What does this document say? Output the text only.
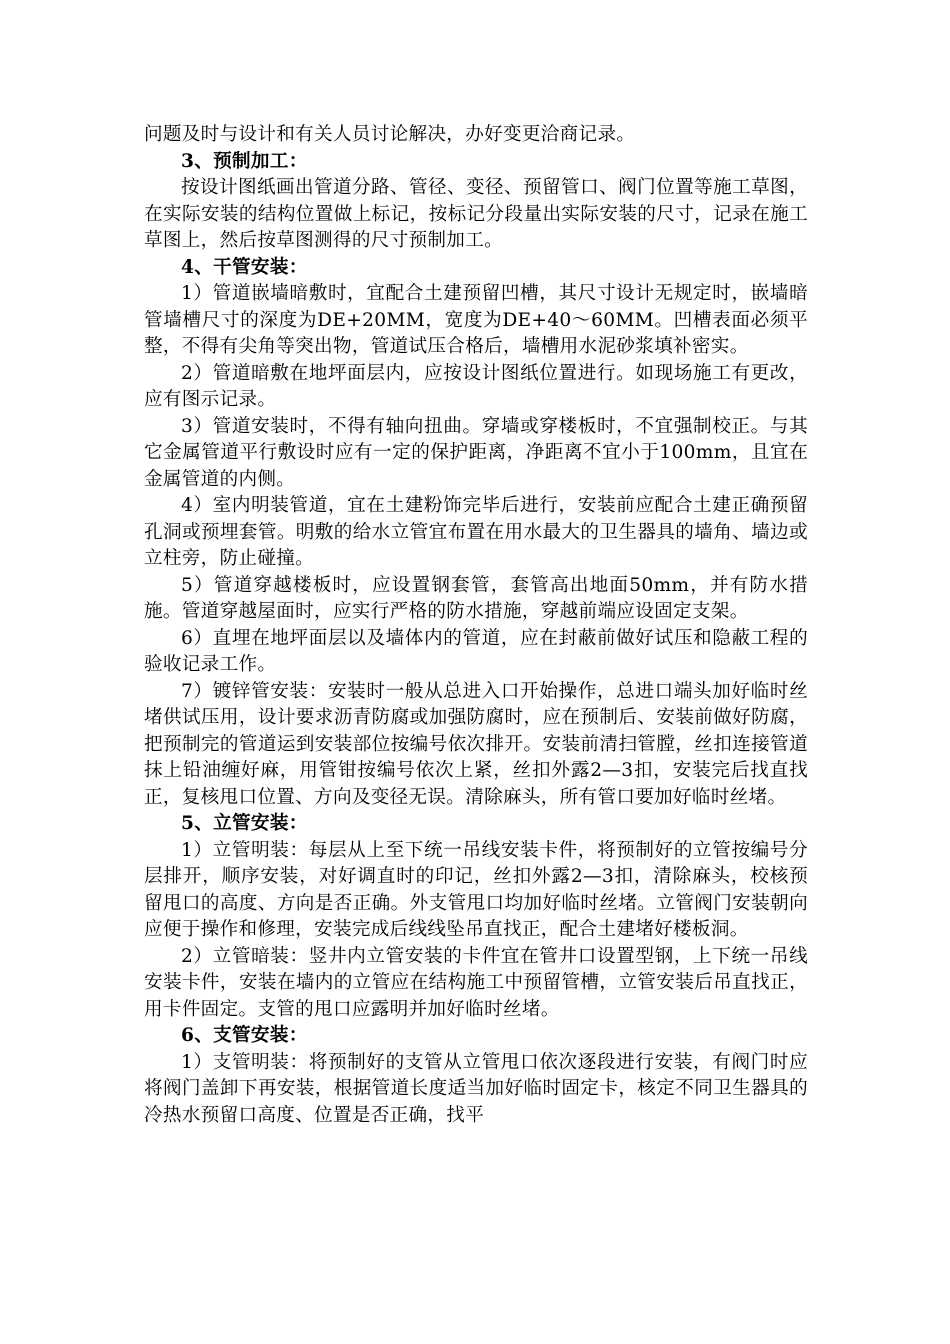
问题及时与设计和有关人员讨论解决，办好变更洽商记录。

3、预制加工：

按设计图纸画出管道分路、管径、变径、预留管口、阀门位置等施工草图，在实际安装的结构位置做上标记，按标记分段量出实际安装的尺寸，记录在施工草图上，然后按草图测得的尺寸预制加工。

4、干管安装：

1）管道嵌墙暗敷时，宜配合土建预留凹槽，其尺寸设计无规定时，嵌墙暗管墙槽尺寸的深度为DE+20MM，宽度为DE+40～60MM。凹槽表面必须平整，不得有尖角等突出物，管道试压合格后，墙槽用水泥砂浆填补密实。

2）管道暗敷在地坪面层内，应按设计图纸位置进行。如现场施工有更改，应有图示记录。

3）管道安装时，不得有轴向扭曲。穿墙或穿楼板时，不宜强制校正。与其它金属管道平行敷设时应有一定的保护距离，净距离不宜小于100mm，且宜在金属管道的内侧。

4）室内明装管道，宜在土建粉饰完毕后进行，安装前应配合土建正确预留孔洞或预埋套管。明敷的给水立管宜布置在用水最大的卫生器具的墙角、墙边或立柱旁，防止碰撞。

5）管道穿越楼板时，应设置钢套管，套管高出地面50mm，并有防水措施。管道穿越屋面时，应实行严格的防水措施，穿越前端应设固定支架。

6）直埋在地坪面层以及墙体内的管道，应在封蔽前做好试压和隐蔽工程的验收记录工作。

7）镀锌管安装：安装时一般从总进入口开始操作，总进口端头加好临时丝堵供试压用，设计要求沥青防腐或加强防腐时，应在预制后、安装前做好防腐，把预制完的管道运到安装部位按编号依次排开。安装前清扫管膛，丝扣连接管道抹上铅油缠好麻，用管钳按编号依次上紧，丝扣外露2—3扣，安装完后找直找正，复核甩口位置、方向及变径无误。清除麻头，所有管口要加好临时丝堵。

5、立管安装：

1）立管明装：每层从上至下统一吊线安装卡件，将预制好的立管按编号分层排开，顺序安装，对好调直时的印记，丝扣外露2—3扣，清除麻头，校核预留甩口的高度、方向是否正确。外支管甩口均加好临时丝堵。立管阀门安装朝向应便于操作和修理，安装完成后线线坠吊直找正，配合土建堵好楼板洞。

2）立管暗装：竖井内立管安装的卡件宜在管井口设置型钢，上下统一吊线安装卡件，安装在墙内的立管应在结构施工中预留管槽，立管安装后吊直找正，用卡件固定。支管的甩口应露明并加好临时丝堵。

6、支管安装：

1）支管明装：将预制好的支管从立管甩口依次逐段进行安装，有阀门时应将阀门盖卸下再安装，根据管道长度适当加好临时固定卡，核定不同卫生器具的冷热水预留口高度、位置是否正确，找平
